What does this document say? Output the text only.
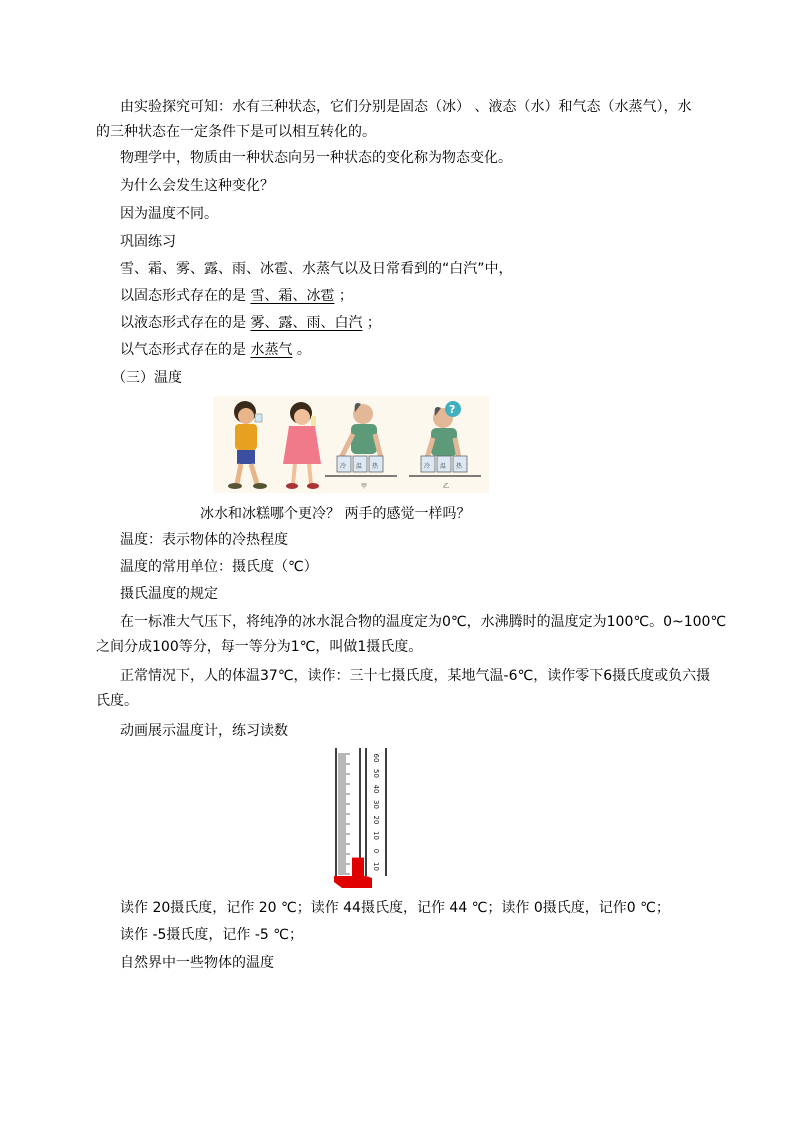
由实验探究可知：水有三种状态，它们分别是固态（冰） 、液态（水）和气态（水蒸气），水
的三种状态在一定条件下是可以相互转化的。
物理学中，物质由一种状态向另一种状态的变化称为物态变化。
为什么会发生这种变化？
因为温度不同。
巩固练习
雪、霜、雾、露、雨、冰雹、水蒸气以及日常看到的“白汽”中，
以固态形式存在的是 雪、霜、冰雹 ；
以液态形式存在的是 雾、露、雨、白汽 ；
以气态形式存在的是 水蒸气 。
（三）温度
冷 温 热
甲
冷 温 热
乙
?
冰水和冰糕哪个更冷？ 两手的感觉一样吗？
温度：表示物体的冷热程度
温度的常用单位：摄氏度（℃）
摄氏温度的规定
在一标准大气压下，将纯净的冰水混合物的温度定为0℃，水沸腾时的温度定为100℃。0~100℃
之间分成100等分，每一等分为1℃，叫做1摄氏度。
正常情况下，人的体温37℃，读作：三十七摄氏度，某地气温-6℃，读作零下6摄氏度或负六摄
氏度。
动画展示温度计，练习读数
60
50
40
30
20
10
0
10
读作 20摄氏度，记作 20 ℃；读作 44摄氏度，记作 44 ℃；读作 0摄氏度，记作0 ℃；
读作 -5摄氏度，记作 -5 ℃；
自然界中一些物体的温度
